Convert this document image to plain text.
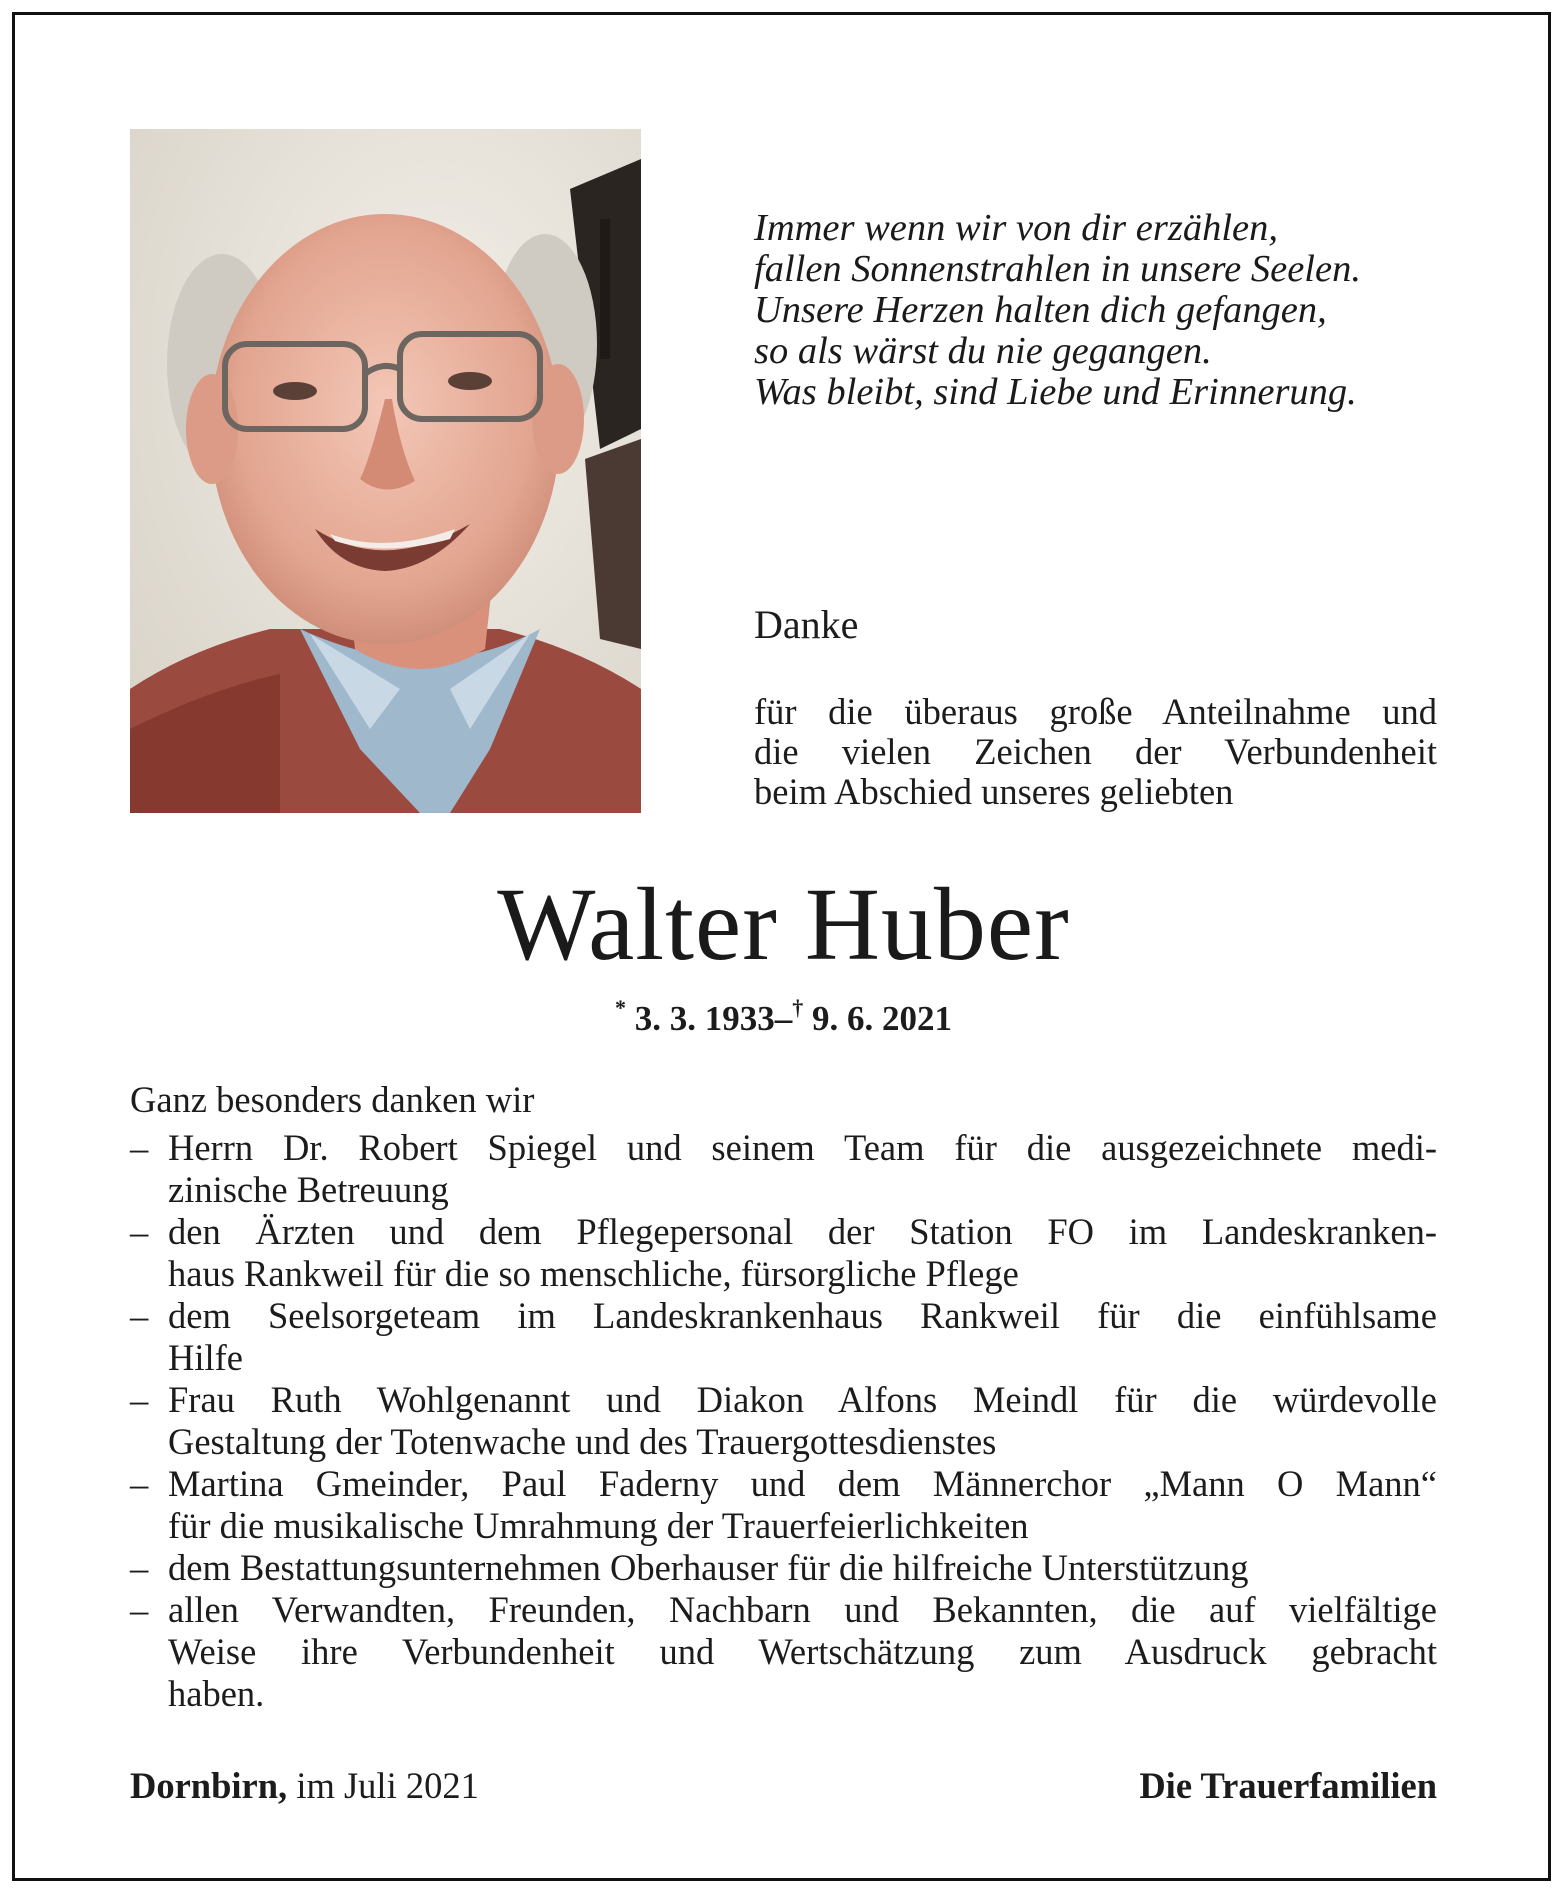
Immer wenn wir von dir erzählen,
fallen Sonnenstrahlen in unsere Seelen.
Unsere Herzen halten dich gefangen,
so als wärst du nie gegangen.
Was bleibt, sind Liebe und Erinnerung.
Danke
für die überaus große Anteilnahme und
die vielen Zeichen der Verbundenheit
beim Abschied unseres geliebten
Walter Huber
* 3. 3. 1933–† 9. 6. 2021
Ganz besonders danken wir
– Herrn Dr. Robert Spiegel und seinem Team für die ausgezeichnete medi-
zinische Betreuung
– den Ärzten und dem Pflegepersonal der Station FO im Landeskranken-
haus Rankweil für die so menschliche, fürsorgliche Pflege
– dem Seelsorgeteam im Landeskrankenhaus Rankweil für die einfühlsame
Hilfe
– Frau Ruth Wohlgenannt und Diakon Alfons Meindl für die würdevolle
Gestaltung der Totenwache und des Trauergottesdienstes
– Martina Gmeinder, Paul Faderny und dem Männerchor „Mann O Mann“
für die musikalische Umrahmung der Trauerfeierlichkeiten
– dem Bestattungsunternehmen Oberhauser für die hilfreiche Unterstützung
– allen Verwandten, Freunden, Nachbarn und Bekannten, die auf vielfältige
Weise ihre Verbundenheit und Wertschätzung zum Ausdruck gebracht
haben.
Dornbirn, im Juli 2021	Die Trauerfamilien
